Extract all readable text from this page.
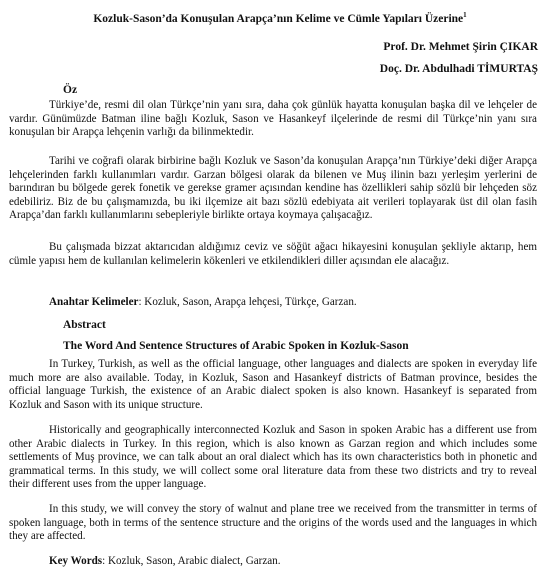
Kozluk-Sason’da Konuşulan Arapça’nın Kelime ve Cümle Yapıları Üzerine$^1$
Prof. Dr. Mehmet Şirin ÇIKAR
Doç. Dr. Abdulhadi TİMURTAŞ
Öz
Türkiye’de, resmi dil olan Türkçe’nin yanı sıra, daha çok günlük hayatta konuşulan başka dil ve lehçeler de vardır. Günümüzde Batman iline bağlı Kozluk, Sason ve Hasankeyf ilçelerinde de resmi dil Türkçe’nin yanı sıra konuşulan bir Arapça lehçenin varlığı da bilinmektedir.
Tarihi ve coğrafi olarak birbirine bağlı Kozluk ve Sason’da konuşulan Arapça’nın Türkiye’deki diğer Arapça lehçelerinden farklı kullanımları vardır. Garzan bölgesi olarak da bilenen ve Muş ilinin bazı yerleşim yerlerini de barındıran bu bölgede gerek fonetik ve gerekse gramer açısından kendine has özellikleri sahip sözlü bir lehçeden söz edebiliriz. Biz de bu çalışmamızda, bu iki ilçemize ait bazı sözlü edebiyata ait verileri toplayarak üst dil olan fasih Arapça’dan farklı kullanımlarını sebepleriyle birlikte ortaya koymaya çalışacağız.
Bu çalışmada bizzat aktarıcıdan aldığımız ceviz ve söğüt ağacı hikayesini konuşulan şekliyle aktarıp, hem cümle yapısı hem de kullanılan kelimelerin kökenleri ve etkilendikleri diller açısından ele alacağız.
Anahtar Kelimeler: Kozluk, Sason, Arapça lehçesi, Türkçe, Garzan.
Abstract
The Word And Sentence Structures of Arabic Spoken in Kozluk-Sason
In Turkey, Turkish, as well as the official language, other languages and dialects are spoken in everyday life much more are also available. Today, in Kozluk, Sason and Hasankeyf districts of Batman province, besides the official language Turkish, the existence of an Arabic dialect spoken is also known. Hasankeyf is separated from Kozluk and Sason with its unique structure.
Historically and geographically interconnected Kozluk and Sason in spoken Arabic has a different use from other Arabic dialects in Turkey. In this region, which is also known as Garzan region and which includes some settlements of Muş province, we can talk about an oral dialect which has its own characteristics both in phonetic and grammatical terms. In this study, we will collect some oral literature data from these two districts and try to reveal their different uses from the upper language.
In this study, we will convey the story of walnut and plane tree we received from the transmitter in terms of spoken language, both in terms of the sentence structure and the origins of the words used and the languages in which they are affected.
Key Words: Kozluk, Sason, Arabic dialect, Garzan.
